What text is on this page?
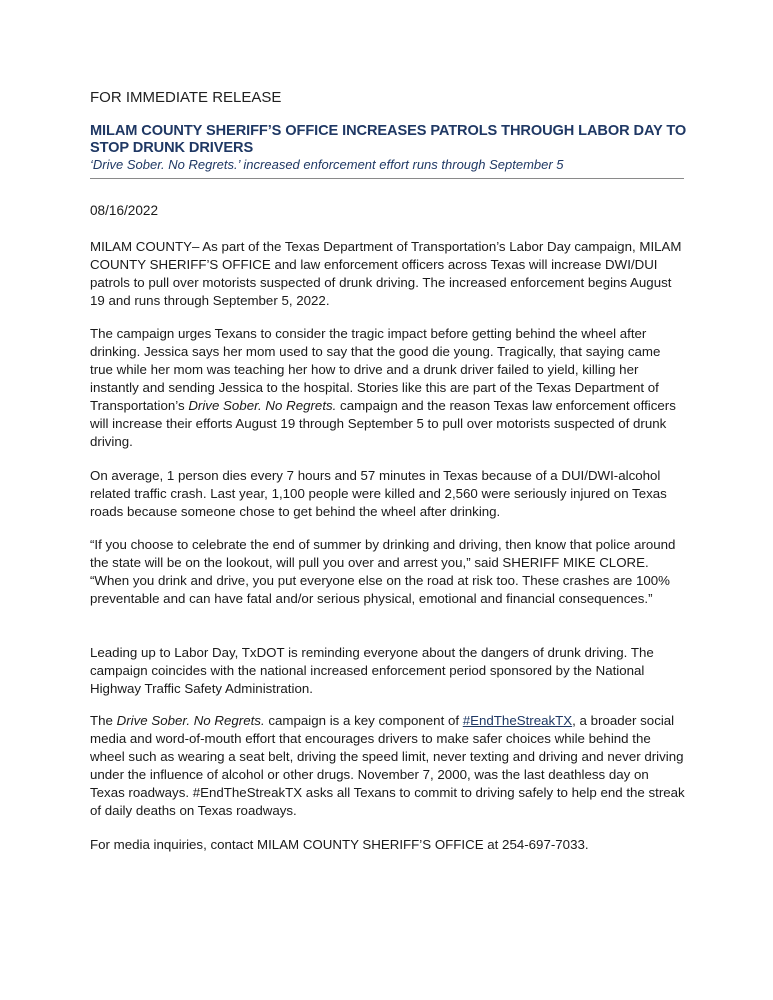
FOR IMMEDIATE RELEASE
MILAM COUNTY SHERIFF’S OFFICE INCREASES PATROLS THROUGH LABOR DAY TO STOP DRUNK DRIVERS
‘Drive Sober. No Regrets.’ increased enforcement effort runs through September 5
08/16/2022

MILAM COUNTY– As part of the Texas Department of Transportation’s Labor Day campaign, MILAM COUNTY SHERIFF’S OFFICE and law enforcement officers across Texas will increase DWI/DUI patrols to pull over motorists suspected of drunk driving. The increased enforcement begins August 19 and runs through September 5, 2022.

The campaign urges Texans to consider the tragic impact before getting behind the wheel after drinking. Jessica says her mom used to say that the good die young. Tragically, that saying came true while her mom was teaching her how to drive and a drunk driver failed to yield, killing her instantly and sending Jessica to the hospital. Stories like this are part of the Texas Department of Transportation’s Drive Sober. No Regrets. campaign and the reason Texas law enforcement officers will increase their efforts August 19 through September 5 to pull over motorists suspected of drunk driving.

On average, 1 person dies every 7 hours and 57 minutes in Texas because of a DUI/DWI-alcohol related traffic crash. Last year, 1,100 people were killed and 2,560 were seriously injured on Texas roads because someone chose to get behind the wheel after drinking.

“If you choose to celebrate the end of summer by drinking and driving, then know that police around the state will be on the lookout, will pull you over and arrest you,” said SHERIFF MIKE CLORE. “When you drink and drive, you put everyone else on the road at risk too. These crashes are 100% preventable and can have fatal and/or serious physical, emotional and financial consequences.”

Leading up to Labor Day, TxDOT is reminding everyone about the dangers of drunk driving. The campaign coincides with the national increased enforcement period sponsored by the National Highway Traffic Safety Administration.

The Drive Sober. No Regrets. campaign is a key component of #EndTheStreakTX, a broader social media and word-of-mouth effort that encourages drivers to make safer choices while behind the wheel such as wearing a seat belt, driving the speed limit, never texting and driving and never driving under the influence of alcohol or other drugs. November 7, 2000, was the last deathless day on Texas roadways. #EndTheStreakTX asks all Texans to commit to driving safely to help end the streak of daily deaths on Texas roadways.

For media inquiries, contact MILAM COUNTY SHERIFF’S OFFICE at 254-697-7033.
